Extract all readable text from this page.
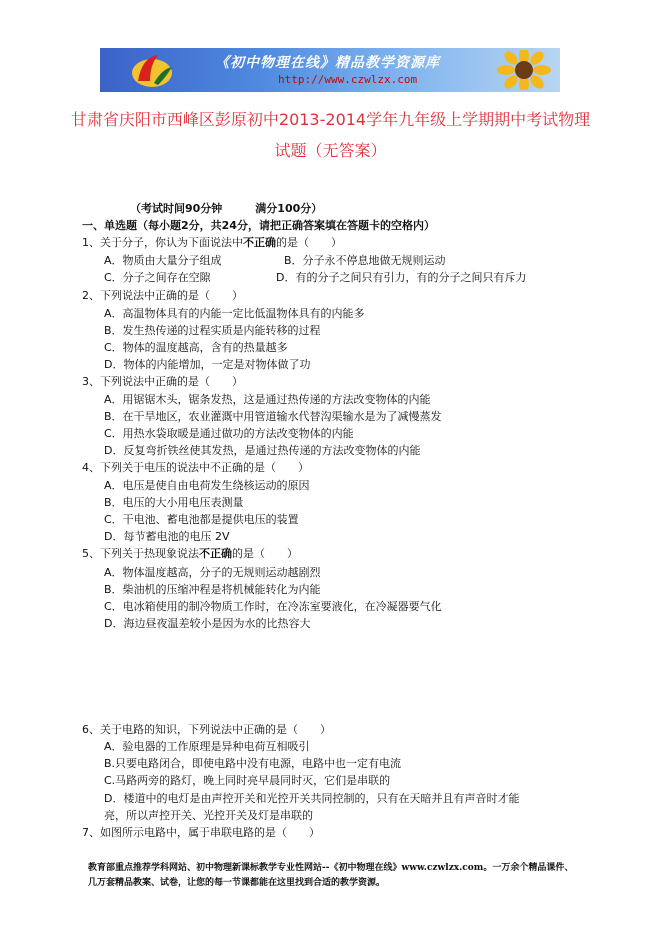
《初中物理在线》精品教学资源库
http://www.czwlzx.com
甘肃省庆阳市西峰区彭原初中2013-2014学年九年级上学期期中考试物理
试题（无答案）
（考试时间90分钟　　　满分100分）
一、单选题（每小题2分，共24分，请把正确答案填在答题卡的空格内）
1、关于分子，你认为下面说法中不正确的是（　　）
A．物质由大量分子组成	B．分子永不停息地做无规则运动
C．分子之间存在空隙	D．有的分子之间只有引力，有的分子之间只有斥力
2、下列说法中正确的是（　　）
A．高温物体具有的内能一定比低温物体具有的内能多
B．发生热传递的过程实质是内能转移的过程
C．物体的温度越高，含有的热量越多
D．物体的内能增加，一定是对物体做了功
3、下列说法中正确的是（　　）
A．用锯锯木头，锯条发热，这是通过热传递的方法改变物体的内能
B．在干旱地区，农业灌溉中用管道输水代替沟渠输水是为了减慢蒸发
C．用热水袋取暖是通过做功的方法改变物体的内能
D．反复弯折铁丝使其发热，是通过热传递的方法改变物体的内能
4、下列关于电压的说法中不正确的是（　　）
A．电压是使自由电荷发生绕核运动的原因
B．电压的大小用电压表测量
C．干电池、蓄电池都是提供电压的装置
D．每节蓄电池的电压 2V
5、下列关于热现象说法不正确的是（　　）
A．物体温度越高，分子的无规则运动越剧烈
B．柴油机的压缩冲程是将机械能转化为内能
C．电冰箱使用的制冷物质工作时，在冷冻室要液化，在冷凝器要气化
D．海边昼夜温差较小是因为水的比热容大
6、关于电路的知识，下列说法中正确的是（　　）
A．验电器的工作原理是异种电荷互相吸引
B.只要电路闭合，即使电路中没有电源，电路中也一定有电流
C.马路两旁的路灯，晚上同时亮早晨同时灭，它们是串联的
D．楼道中的电灯是由声控开关和光控开关共同控制的，只有在天暗并且有声音时才能
亮，所以声控开关、光控开关及灯是串联的
7、如图所示电路中，属于串联电路的是（　　）
教育部重点推荐学科网站、初中物理新课标教学专业性网站--《初中物理在线》www.czwlzx.com。一万余个精品课件、
几万套精品教案、试卷，让您的每一节课都能在这里找到合适的教学资源。
